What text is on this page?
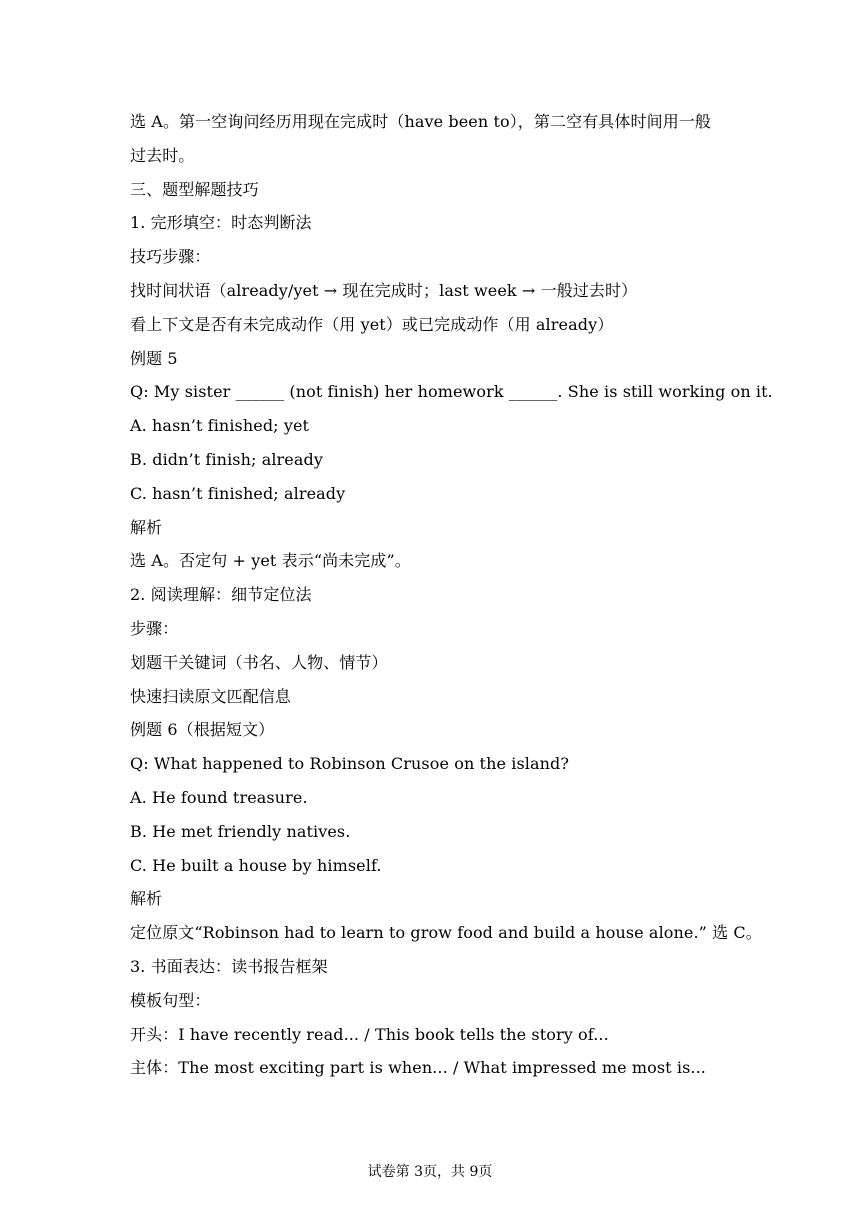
选 A。第一空询问经历用现在完成时（have been to），第二空有具体时间用一般
过去时。
三、题型解题技巧
1. 完形填空：时态判断法
技巧步骤：
找时间状语（already/yet → 现在完成时；last week → 一般过去时）
看上下文是否有未完成动作（用 yet）或已完成动作（用 already）
例题 5
Q: My sister ______ (not finish) her homework ______. She is still working on it.
A. hasn’t finished; yet
B. didn’t finish; already
C. hasn’t finished; already
解析
选 A。否定句 + yet 表示“尚未完成”。
2. 阅读理解：细节定位法
步骤：
划题干关键词（书名、人物、情节）
快速扫读原文匹配信息
例题 6（根据短文）
Q: What happened to Robinson Crusoe on the island?
A. He found treasure.
B. He met friendly natives.
C. He built a house by himself.
解析
定位原文“Robinson had to learn to grow food and build a house alone.” 选 C。
3. 书面表达：读书报告框架
模板句型：
开头：I have recently read... / This book tells the story of...
主体：The most exciting part is when... / What impressed me most is...
试卷第 3页，共 9页
